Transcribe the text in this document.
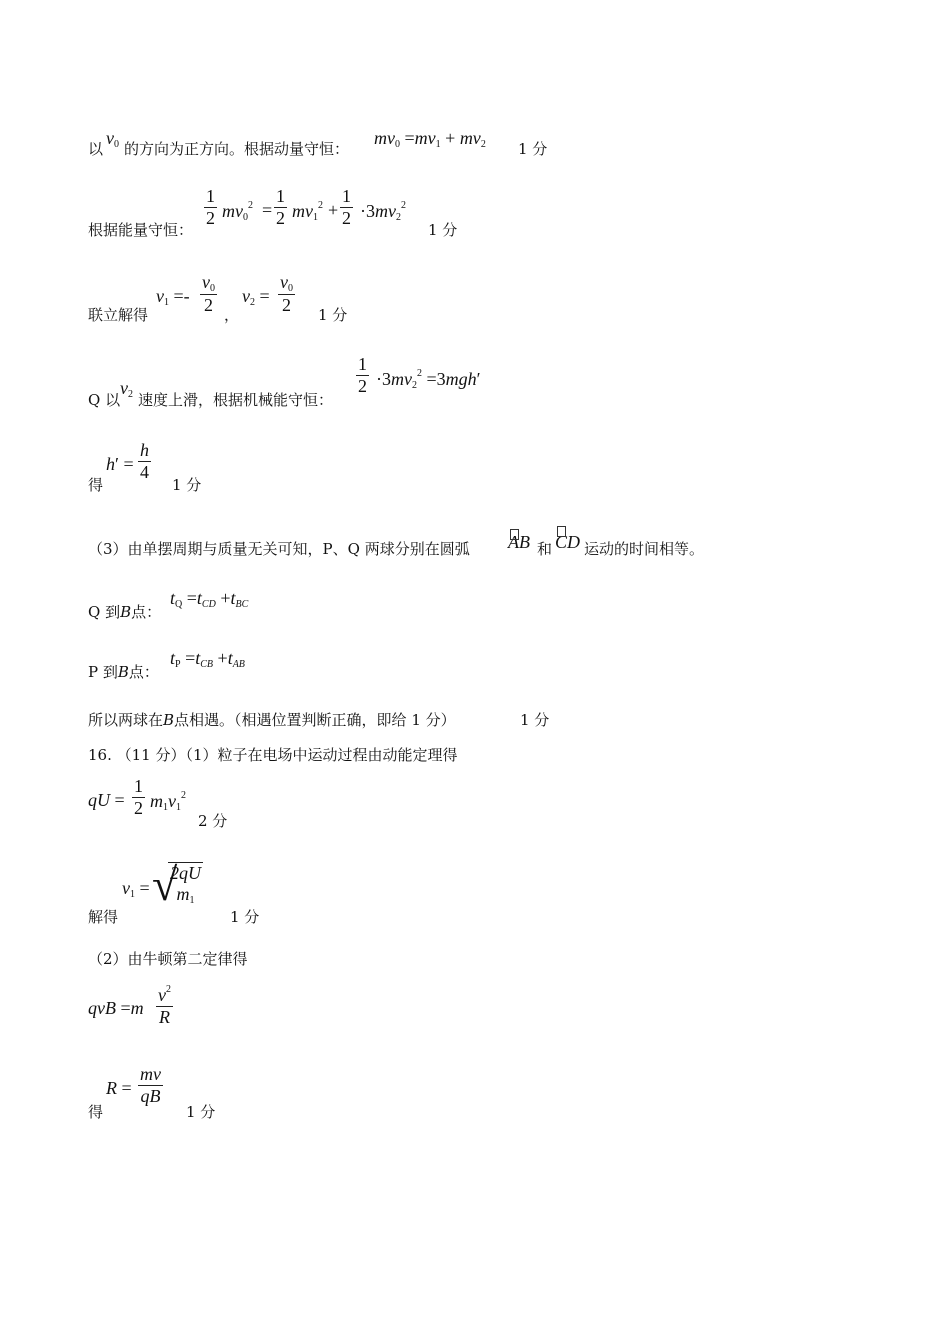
以
$v_0$ 的方向为正方向。根据动量守恒：
$mv_0 =mv_1 + mv_2$ 1 分
根据能量守恒：
1
2 $mv_0^2$ =
1
2 $mv_1^2$ +
1
$2 \cdot 3mv_2^2$
1 分
联立解得
$v_1$ =-
$v_0$
2 ，
$v_2$ =
$v_0$
2 1 分
Q 以
$v_2$ 速度上滑，根据机械能守恒：
1
$2 \cdot 3mv_2^2 =3mgh'$
得
h′ =
h
4
1 分
（3）由单摆周期与质量无关可知，P、Q 两球分别在圆弧 AB 和 CD 运动的时间相等。
Q 到B点：
$t_Q =tCD +tBC$
P 到B点：
$t_P =tCB +tAB$
所以两球在B点相遇。（相遇位置判断正确，即给 1 分）	1 分
16. （11 分）（1）粒子在电场中运动过程由动能定理得
qU =
1
2 $m_1v_1^2$
2 分
解得
$v_1$ = √
2qU
$m_1$
1 分
（2）由牛顿第二定律得
qvB =m
$v^2$
R
得
R =
mv
qB
1 分
